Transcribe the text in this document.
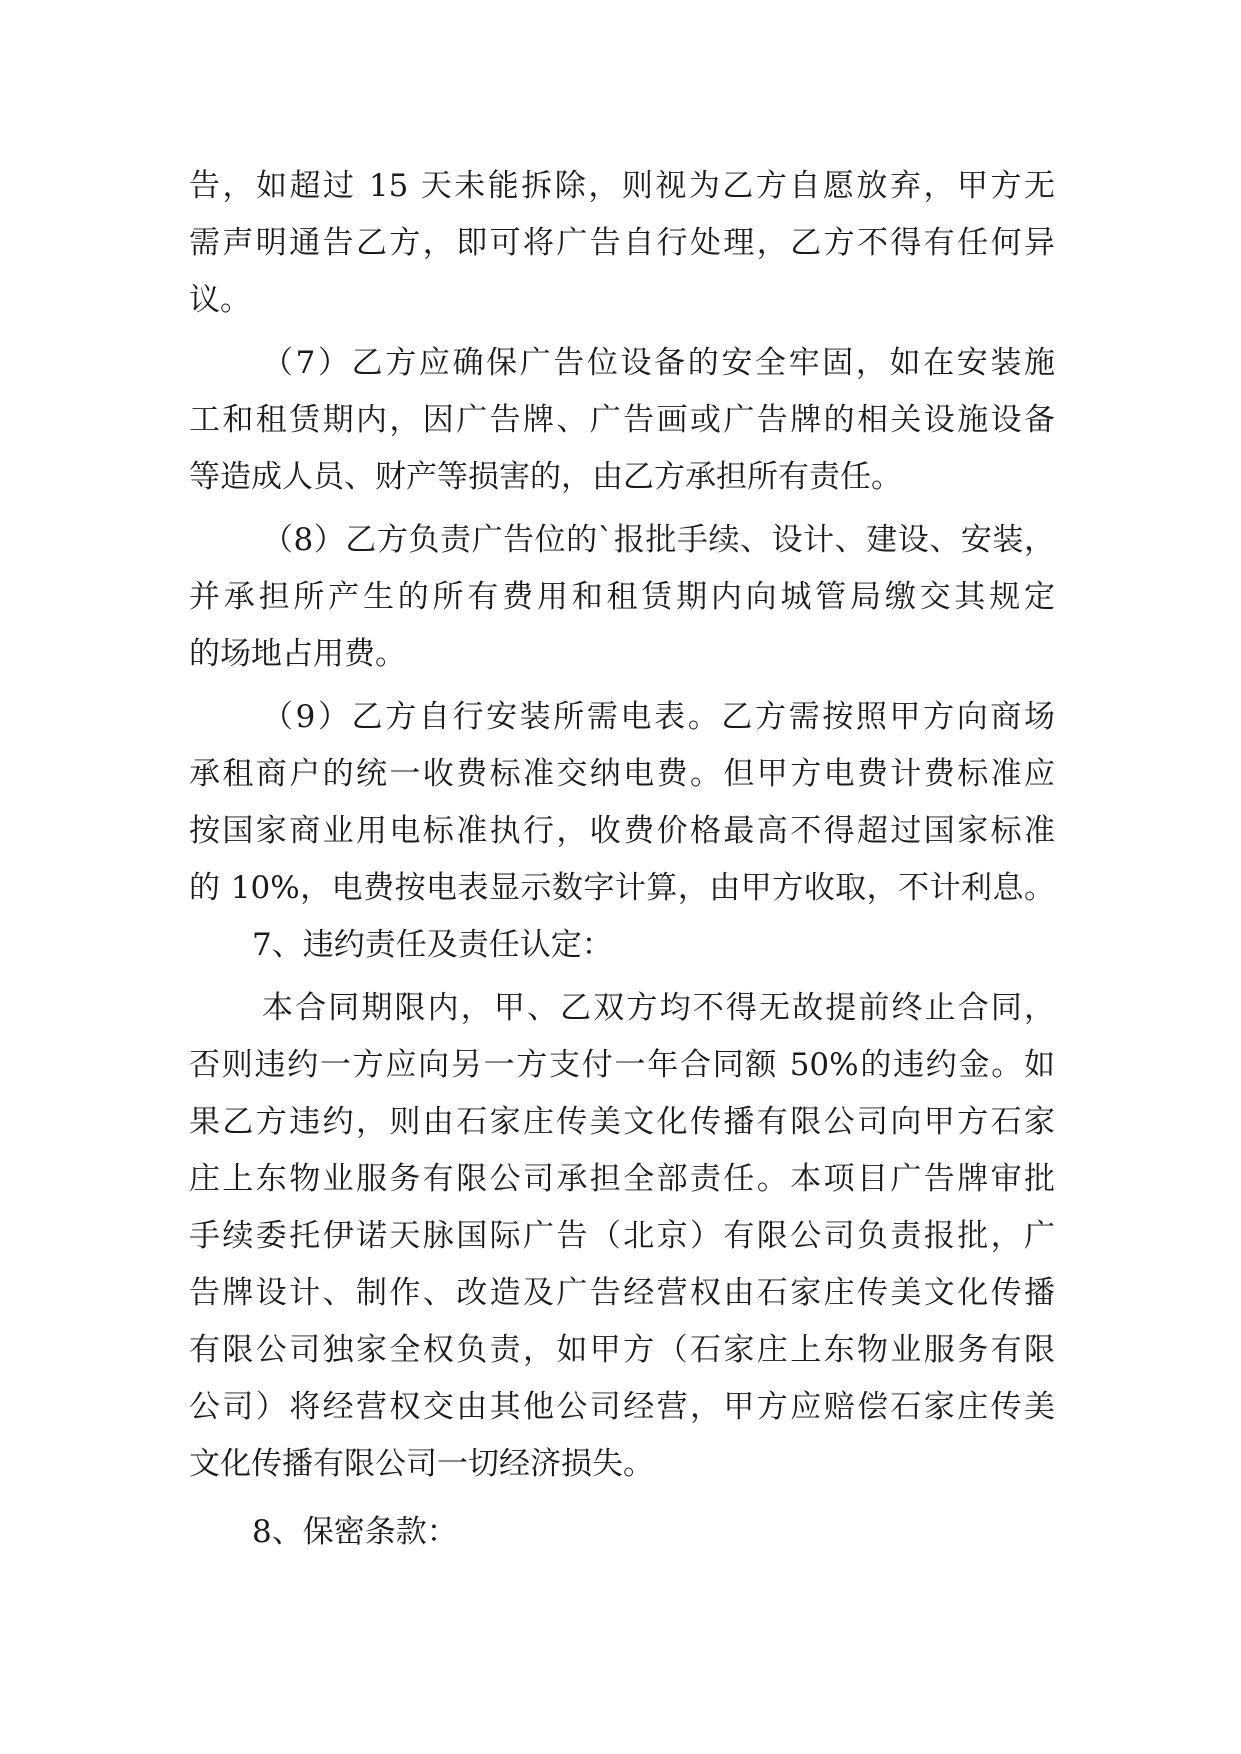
告，如超过 15 天未能拆除，则视为乙方自愿放弃，甲方无
需声明通告乙方，即可将广告自行处理，乙方不得有任何异
议。
（7）乙方应确保广告位设备的安全牢固，如在安装施
工和租赁期内，因广告牌、广告画或广告牌的相关设施设备
等造成人员、财产等损害的，由乙方承担所有责任。
（8）乙方负责广告位的`报批手续、设计、建设、安装，
并承担所产生的所有费用和租赁期内向城管局缴交其规定
的场地占用费。
（9）乙方自行安装所需电表。乙方需按照甲方向商场
承租商户的统一收费标准交纳电费。但甲方电费计费标准应
按国家商业用电标准执行，收费价格最高不得超过国家标准
的 10%，电费按电表显示数字计算，由甲方收取，不计利息。
7、违约责任及责任认定：
本合同期限内，甲、乙双方均不得无故提前终止合同，
否则违约一方应向另一方支付一年合同额 50%的违约金。如
果乙方违约，则由石家庄传美文化传播有限公司向甲方石家
庄上东物业服务有限公司承担全部责任。本项目广告牌审批
手续委托伊诺天脉国际广告（北京）有限公司负责报批，广
告牌设计、制作、改造及广告经营权由石家庄传美文化传播
有限公司独家全权负责，如甲方（石家庄上东物业服务有限
公司）将经营权交由其他公司经营，甲方应赔偿石家庄传美
文化传播有限公司一切经济损失。
8、保密条款：
